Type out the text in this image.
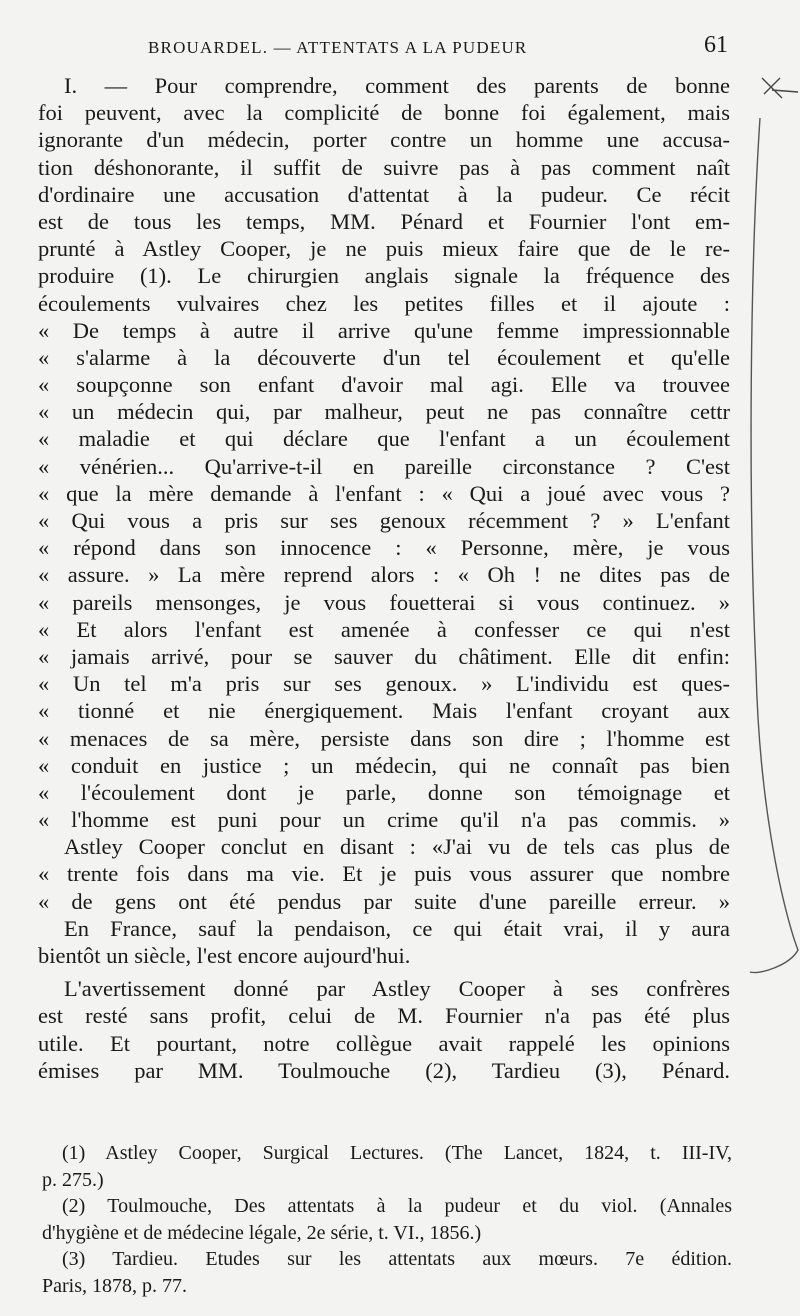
BROUARDEL. — ATTENTATS A LA PUDEUR	61
I. — Pour comprendre, comment des parents de bonne
foi peuvent, avec la complicité de bonne foi également, mais
ignorante d'un médecin, porter contre un homme une accusa-
tion déshonorante, il suffit de suivre pas à pas comment naît
d'ordinaire une accusation d'attentat à la pudeur. Ce récit
est de tous les temps, MM. Pénard et Fournier l'ont em-
prunté à Astley Cooper, je ne puis mieux faire que de le re-
produire (1). Le chirurgien anglais signale la fréquence des
écoulements vulvaires chez les petites filles et il ajoute :
« De temps à autre il arrive qu'une femme impressionnable
« s'alarme à la découverte d'un tel écoulement et qu'elle
« soupçonne son enfant d'avoir mal agi. Elle va trouvee
« un médecin qui, par malheur, peut ne pas connaître cettr
« maladie et qui déclare que l'enfant a un écoulement
« vénérien... Qu'arrive-t-il en pareille circonstance ? C'est
« que la mère demande à l'enfant : « Qui a joué avec vous ?
« Qui vous a pris sur ses genoux récemment ? » L'enfant
« répond dans son innocence : « Personne, mère, je vous
« assure. » La mère reprend alors : « Oh ! ne dites pas de
« pareils mensonges, je vous fouetterai si vous continuez. »
« Et alors l'enfant est amenée à confesser ce qui n'est
« jamais arrivé, pour se sauver du châtiment. Elle dit enfin:
« Un tel m'a pris sur ses genoux. » L'individu est ques-
« tionné et nie énergiquement. Mais l'enfant croyant aux
« menaces de sa mère, persiste dans son dire ; l'homme est
« conduit en justice ; un médecin, qui ne connaît pas bien
« l'écoulement dont je parle, donne son témoignage et
« l'homme est puni pour un crime qu'il n'a pas commis. »
Astley Cooper conclut en disant : «J'ai vu de tels cas plus de
« trente fois dans ma vie. Et je puis vous assurer que nombre
« de gens ont été pendus par suite d'une pareille erreur. »
En France, sauf la pendaison, ce qui était vrai, il y aura
bientôt un siècle, l'est encore aujourd'hui.
L'avertissement donné par Astley Cooper à ses confrères
est resté sans profit, celui de M. Fournier n'a pas été plus
utile. Et pourtant, notre collègue avait rappelé les opinions
émises par MM. Toulmouche (2), Tardieu (3), Pénard.
(1) Astley Cooper, Surgical Lectures. (The Lancet, 1824, t. III-IV,
p. 275.)
(2) Toulmouche, Des attentats à la pudeur et du viol. (Annales
d'hygiène et de médecine légale, 2e série, t. VI., 1856.)
(3) Tardieu. Etudes sur les attentats aux mœurs. 7e édition.
Paris, 1878, p. 77.
